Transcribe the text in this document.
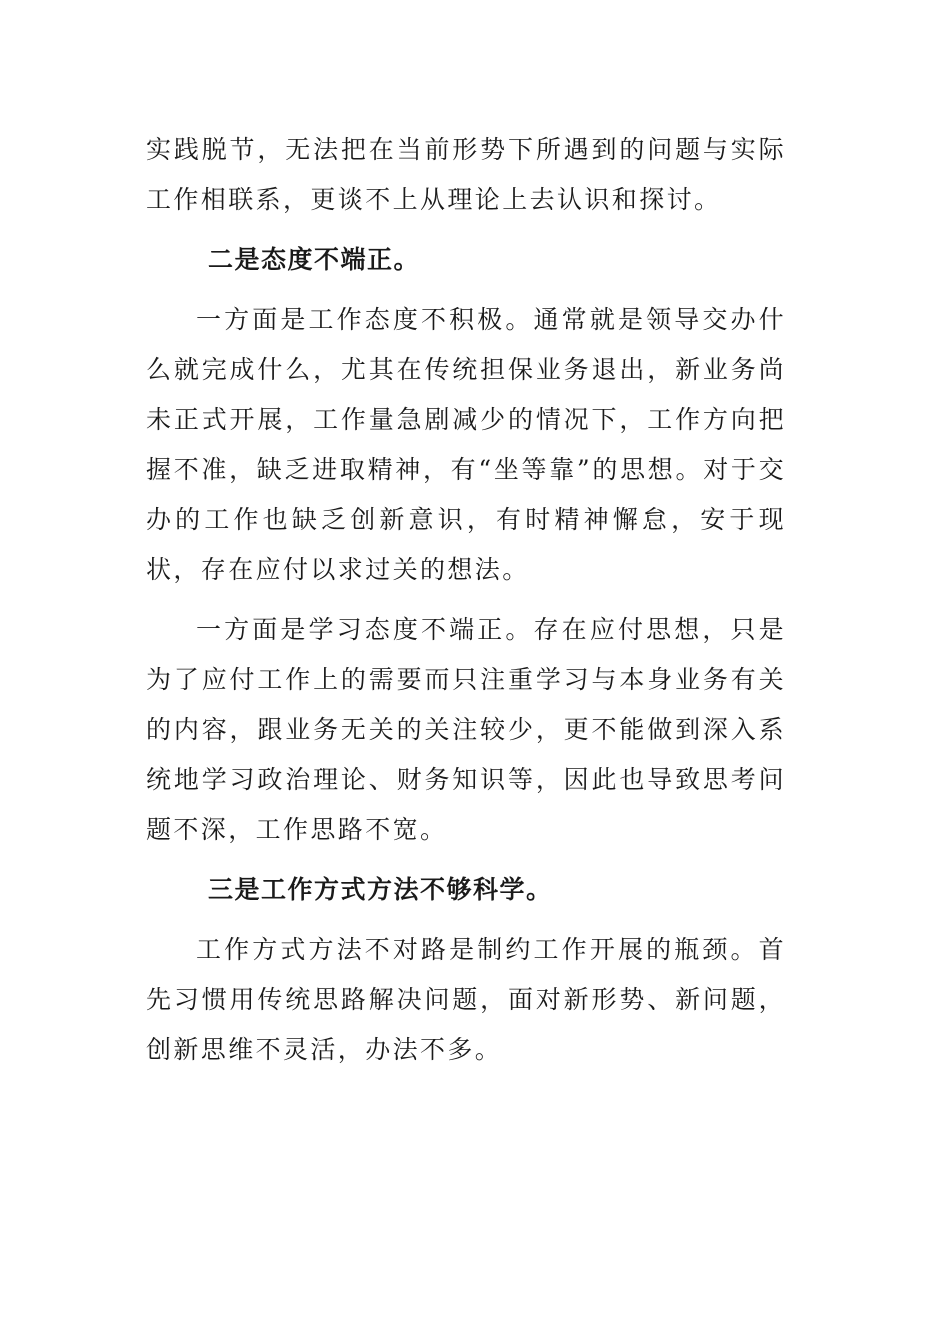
实践脱节，无法把在当前形势下所遇到的问题与实际工作相联系，更谈不上从理论上去认识和探讨。

二是态度不端正。

一方面是工作态度不积极。通常就是领导交办什么就完成什么，尤其在传统担保业务退出，新业务尚未正式开展，工作量急剧减少的情况下，工作方向把握不准，缺乏进取精神，有“坐等靠”的思想。对于交办的工作也缺乏创新意识，有时精神懈怠，安于现状，存在应付以求过关的想法。

一方面是学习态度不端正。存在应付思想，只是为了应付工作上的需要而只注重学习与本身业务有关的内容，跟业务无关的关注较少，更不能做到深入系统地学习政治理论、财务知识等，因此也导致思考问题不深，工作思路不宽。

三是工作方式方法不够科学。

工作方式方法不对路是制约工作开展的瓶颈。首先习惯用传统思路解决问题，面对新形势、新问题，创新思维不灵活，办法不多。
